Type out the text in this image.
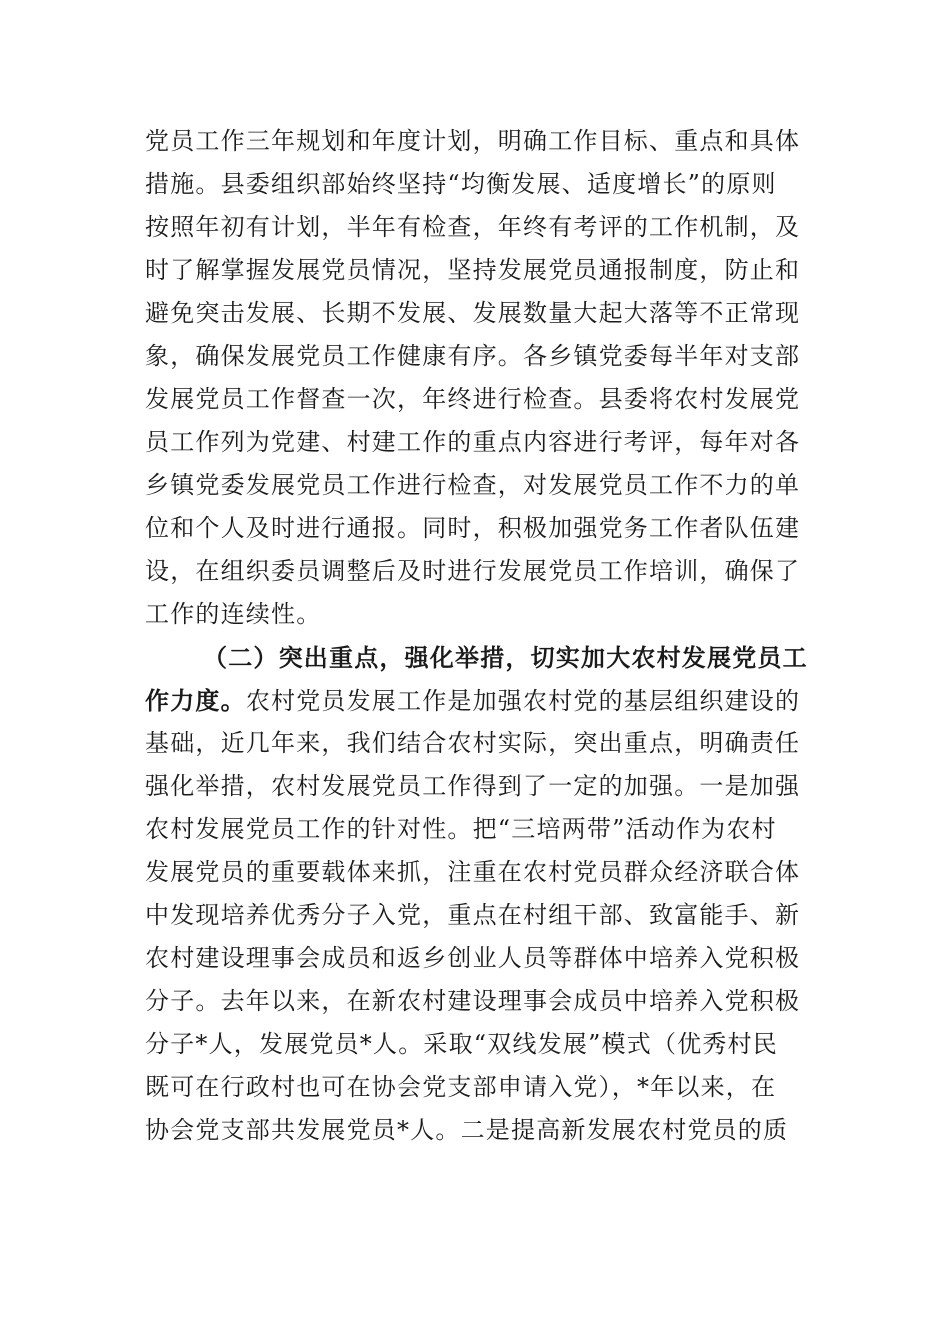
党员工作三年规划和年度计划，明确工作目标、重点和具体
措施。县委组织部始终坚持“均衡发展、适度增长”的原则
按照年初有计划，半年有检查，年终有考评的工作机制，及
时了解掌握发展党员情况，坚持发展党员通报制度，防止和
避免突击发展、长期不发展、发展数量大起大落等不正常现
象，确保发展党员工作健康有序。各乡镇党委每半年对支部
发展党员工作督查一次，年终进行检查。县委将农村发展党
员工作列为党建、村建工作的重点内容进行考评，每年对各
乡镇党委发展党员工作进行检查，对发展党员工作不力的单
位和个人及时进行通报。同时，积极加强党务工作者队伍建
设，在组织委员调整后及时进行发展党员工作培训，确保了
工作的连续性。
（二）突出重点，强化举措，切实加大农村发展党员工
作力度。农村党员发展工作是加强农村党的基层组织建设的
基础，近几年来，我们结合农村实际，突出重点，明确责任
强化举措，农村发展党员工作得到了一定的加强。一是加强
农村发展党员工作的针对性。把“三培两带”活动作为农村
发展党员的重要载体来抓，注重在农村党员群众经济联合体
中发现培养优秀分子入党，重点在村组干部、致富能手、新
农村建设理事会成员和返乡创业人员等群体中培养入党积极
分子。去年以来，在新农村建设理事会成员中培养入党积极
分子*人，发展党员*人。采取“双线发展”模式（优秀村民
既可在行政村也可在协会党支部申请入党），*年以来，在
协会党支部共发展党员*人。二是提高新发展农村党员的质
